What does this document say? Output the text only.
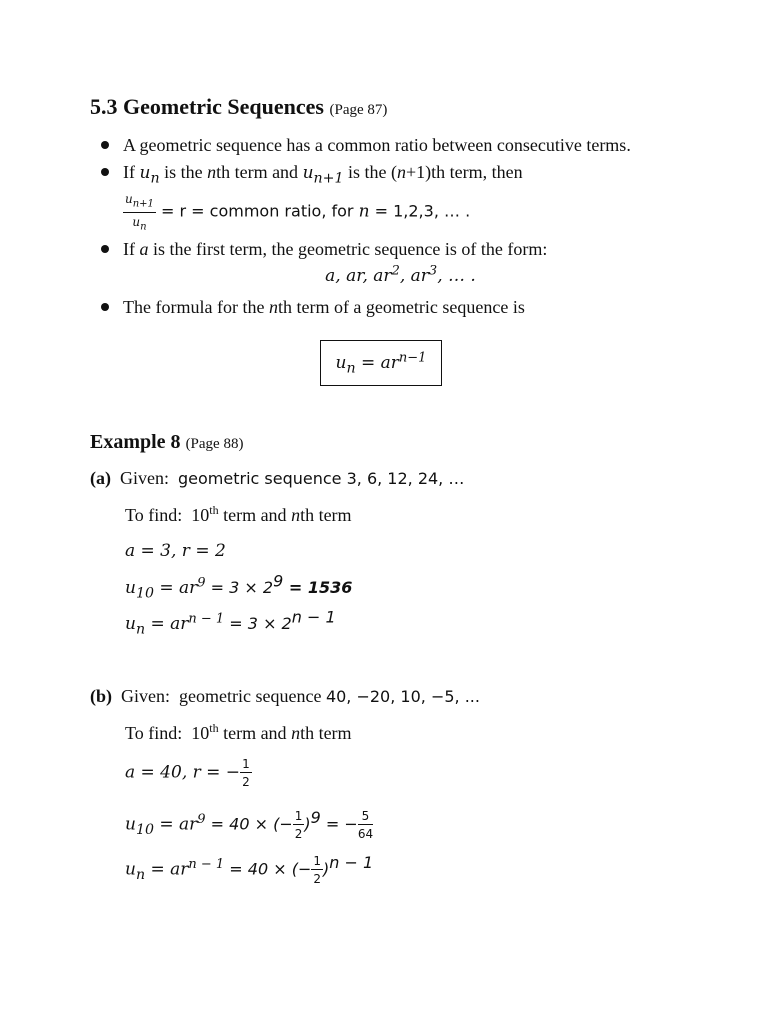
5.3 Geometric Sequences (Page 87)
A geometric sequence has a common ratio between consecutive terms.
If $u_n$ is the nth term and $u_{n+1}$ is the (n+1)th term, then
$\frac{u_{n+1}}{u_n} = r$ = common ratio, for n = 1,2,3, … .
If a is the first term, the geometric sequence is of the form:
a, ar, $ar^2$, $ar^3$, … .
The formula for the nth term of a geometric sequence is
$u_n = ar^{n-1}$
Example 8 (Page 88)
(a) Given: geometric sequence 3, 6, 12, 24, …
To find: 10th term and nth term
a = 3, r = 2
$u_{10} = ar^9 = 3 \times 29 = 1536$
$u_n = ar^{n - 1} = 3 \times 2n - 1$
(b) Given: geometric sequence 40, −20, 10, −5, ...
To find: 10th term and nth term
a = 40, r = − $\frac{1}{2}$
$u_{10} = ar^9 = 40$ × (− $\frac{1}{2} )9$ = − $\frac{5}{64}$
$u_n = ar^{n - 1} = 40$ × (− $\frac{1}{2} )n - 1$
